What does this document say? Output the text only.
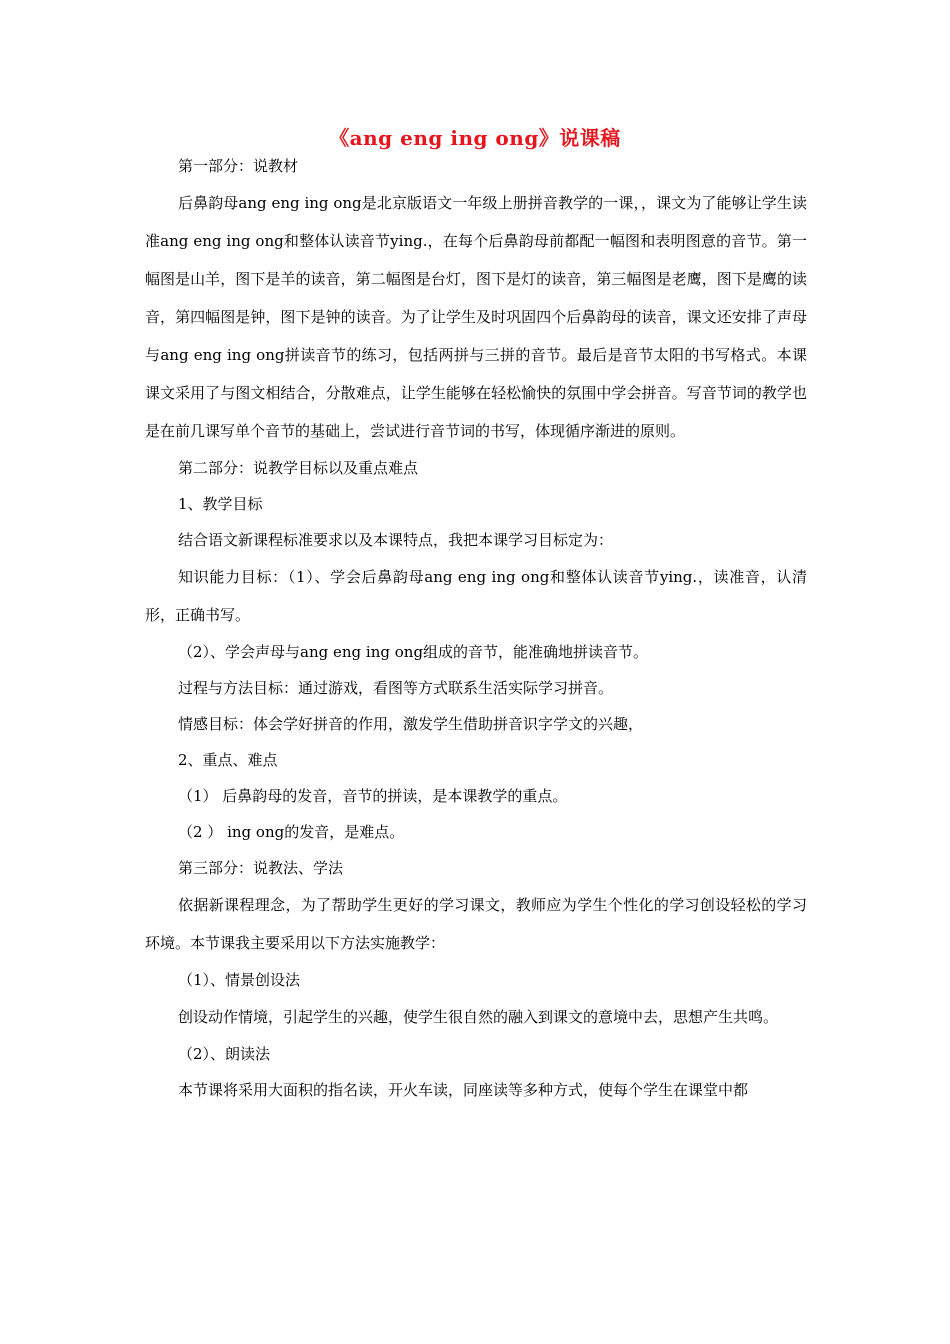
《ang eng ing ong》说课稿

第一部分：说教材

后鼻韵母ang eng ing ong是北京版语文一年级上册拼音教学的一课，，课文为了能够让学生读准ang eng ing ong和整体认读音节ying.，在每个后鼻韵母前都配一幅图和表明图意的音节。第一幅图是山羊，图下是羊的读音，第二幅图是台灯，图下是灯的读音，第三幅图是老鹰，图下是鹰的读音，第四幅图是钟，图下是钟的读音。为了让学生及时巩固四个后鼻韵母的读音，课文还安排了声母与ang eng ing ong拼读音节的练习，包括两拼与三拼的音节。最后是音节太阳的书写格式。本课课文采用了与图文相结合，分散难点，让学生能够在轻松愉快的氛围中学会拼音。写音节词的教学也是在前几课写单个音节的基础上，尝试进行音节词的书写，体现循序渐进的原则。

第二部分：说教学目标以及重点难点

1、教学目标

结合语文新课程标准要求以及本课特点，我把本课学习目标定为：

知识能力目标：（1）、学会后鼻韵母ang eng ing ong和整体认读音节ying.，读准音，认清形，正确书写。

（2）、学会声母与ang eng ing ong组成的音节，能准确地拼读音节。

过程与方法目标：通过游戏，看图等方式联系生活实际学习拼音。

情感目标：体会学好拼音的作用，激发学生借助拼音识字学文的兴趣，

2、重点、难点

（1） 后鼻韵母的发音，音节的拼读，是本课教学的重点。

（2 ） ing ong的发音，是难点。

第三部分：说教法、学法

依据新课程理念，为了帮助学生更好的学习课文，教师应为学生个性化的学习创设轻松的学习环境。本节课我主要采用以下方法实施教学：

（1）、情景创设法

创设动作情境，引起学生的兴趣，使学生很自然的融入到课文的意境中去，思想产生共鸣。

（2）、朗读法

本节课将采用大面积的指名读，开火车读，同座读等多种方式，使每个学生在课堂中都
